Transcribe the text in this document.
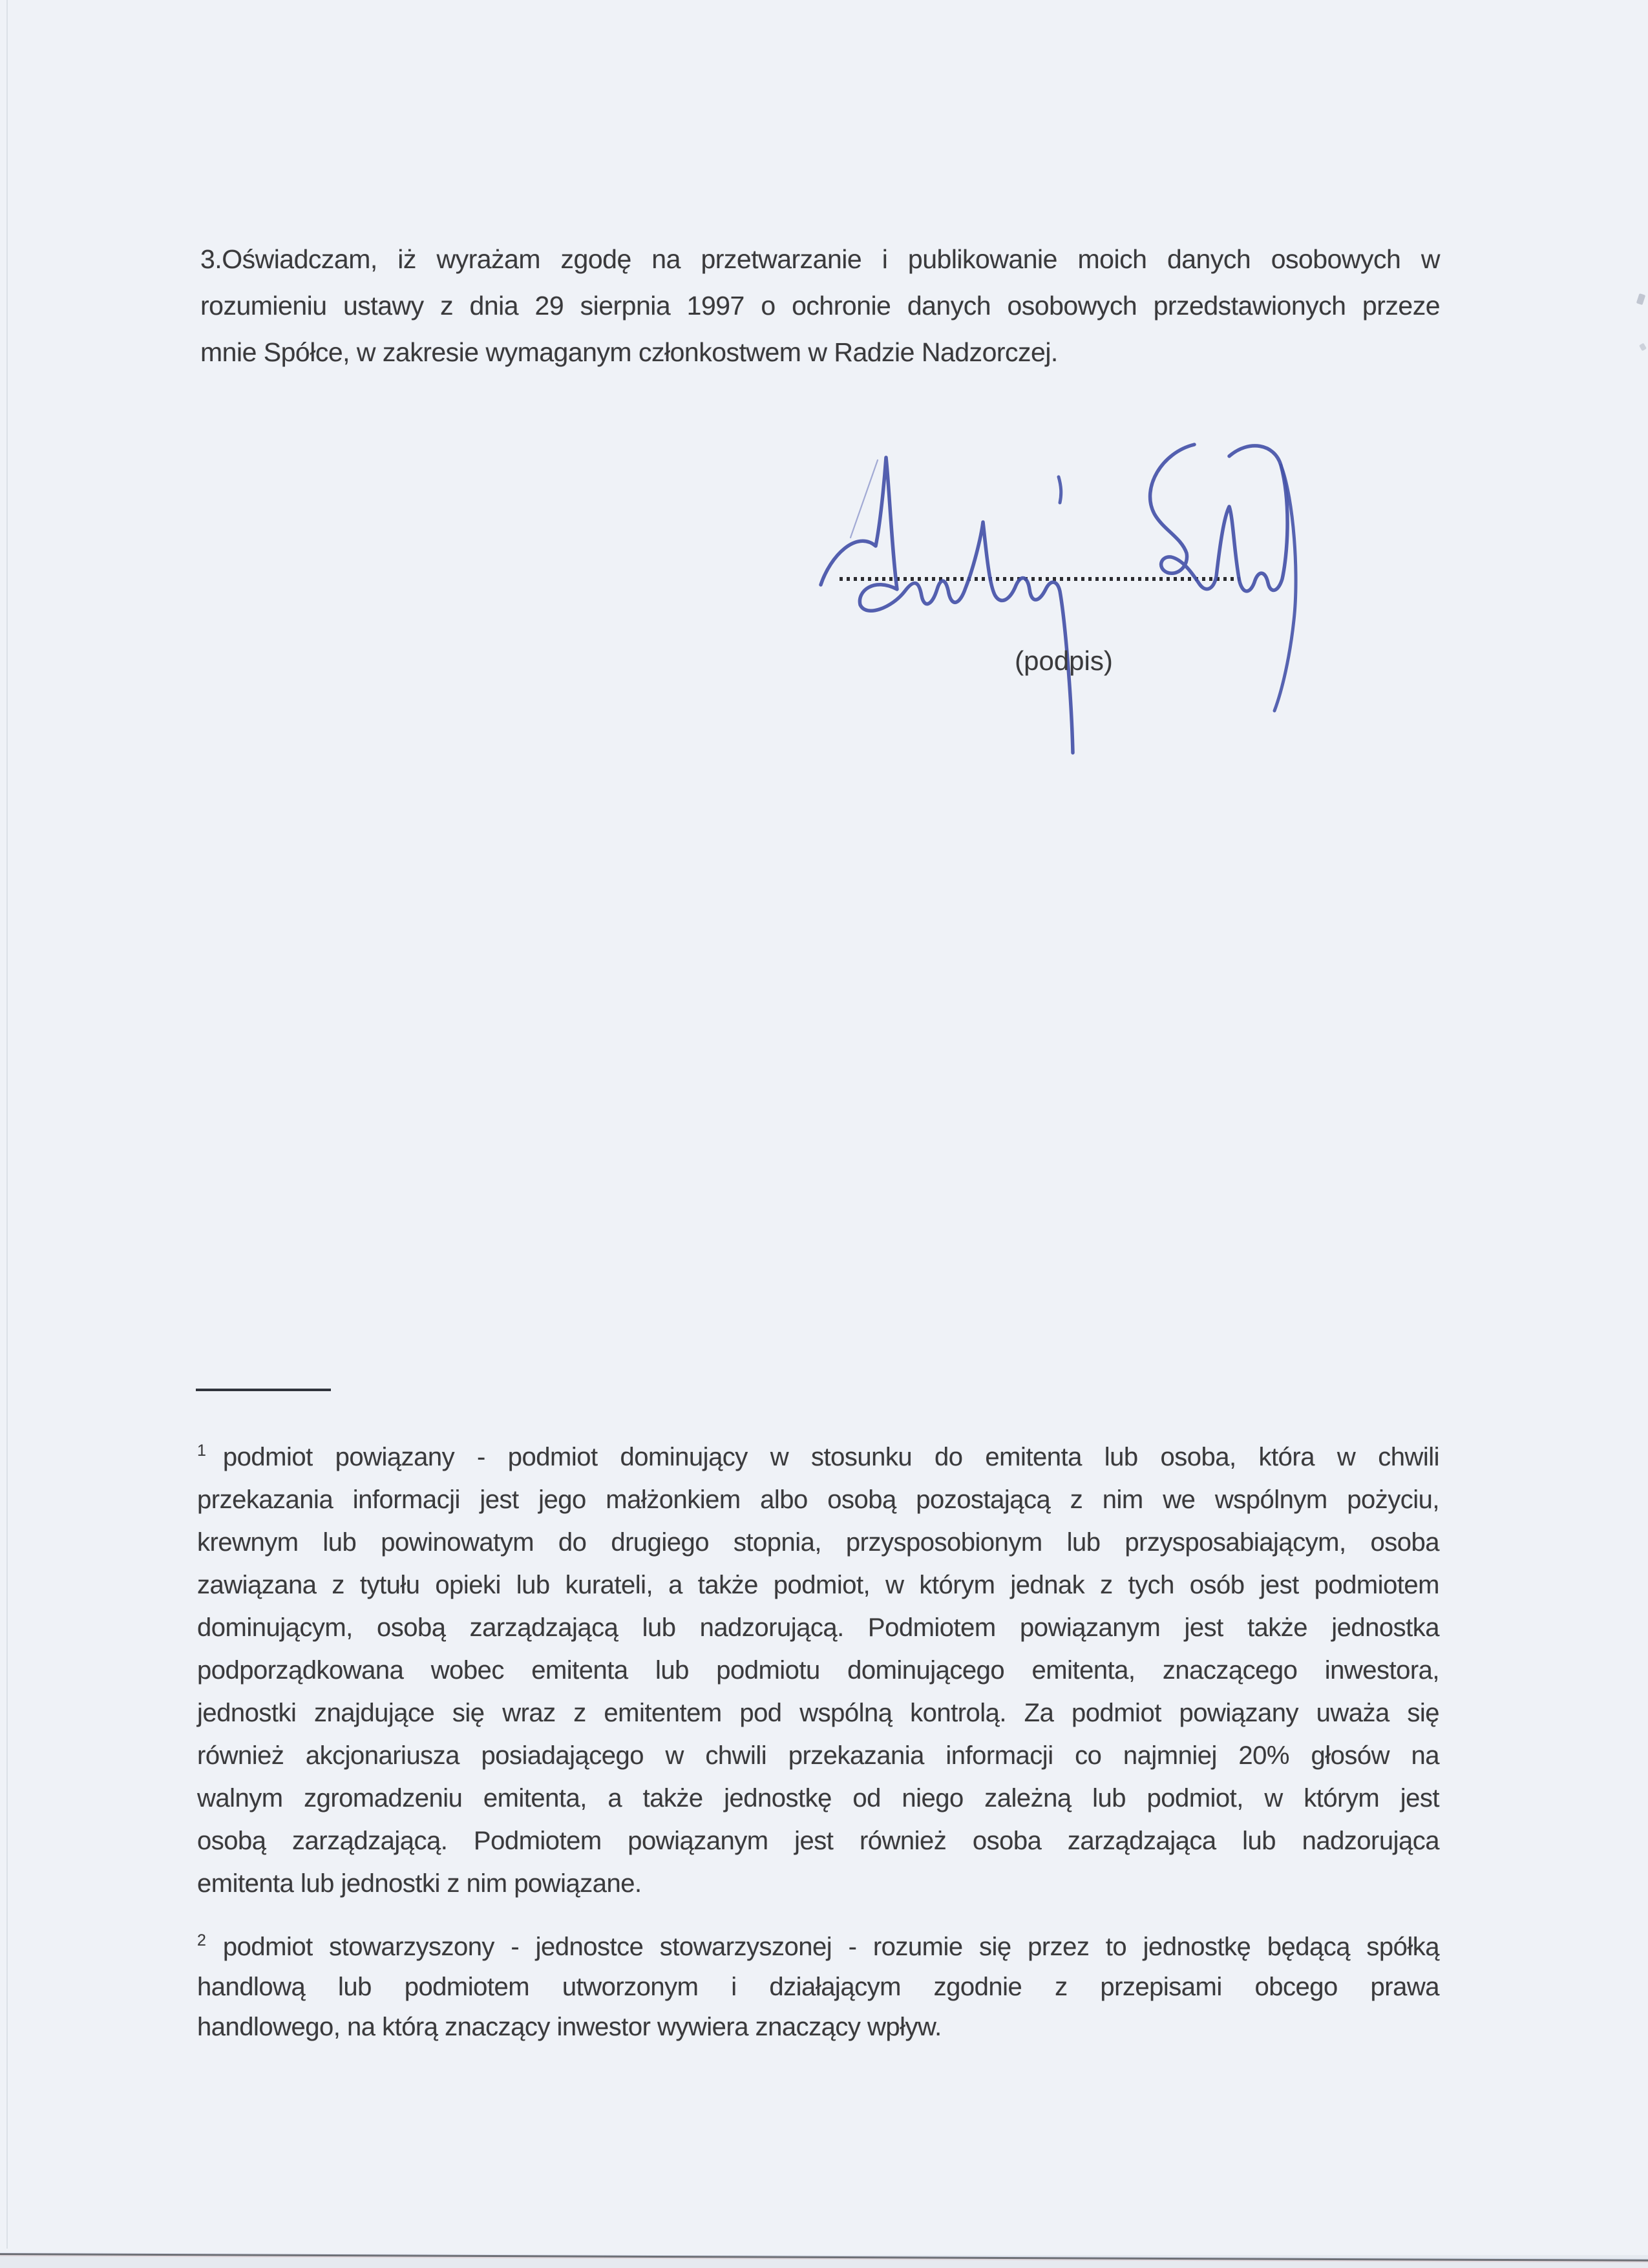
3.Oświadczam, iż wyrażam zgodę na przetwarzanie i publikowanie moich danych osobowych w
rozumieniu ustawy z dnia 29 sierpnia 1997 o ochronie danych osobowych przedstawionych przeze
mnie Spółce, w zakresie wymaganym członkostwem w Radzie Nadzorczej.
(podpis)
$^1$ podmiot powiązany - podmiot dominujący w stosunku do emitenta lub osoba, która w chwili
przekazania informacji jest jego małżonkiem albo osobą pozostającą z nim we wspólnym pożyciu,
krewnym lub powinowatym do drugiego stopnia, przysposobionym lub przysposabiającym, osoba
zawiązana z tytułu opieki lub kurateli, a także podmiot, w którym jednak z tych osób jest podmiotem
dominującym, osobą zarządzającą lub nadzorującą. Podmiotem powiązanym jest także jednostka
podporządkowana wobec emitenta lub podmiotu dominującego emitenta, znaczącego inwestora,
jednostki znajdujące się wraz z emitentem pod wspólną kontrolą. Za podmiot powiązany uważa się
również akcjonariusza posiadającego w chwili przekazania informacji co najmniej 20% głosów na
walnym zgromadzeniu emitenta, a także jednostkę od niego zależną lub podmiot, w którym jest
osobą zarządzającą. Podmiotem powiązanym jest również osoba zarządzająca lub nadzorująca
emitenta lub jednostki z nim powiązane.
$^2$ podmiot stowarzyszony - jednostce stowarzyszonej - rozumie się przez to jednostkę będącą spółką
handlową lub podmiotem utworzonym i działającym zgodnie z przepisami obcego prawa
handlowego, na którą znaczący inwestor wywiera znaczący wpływ.
